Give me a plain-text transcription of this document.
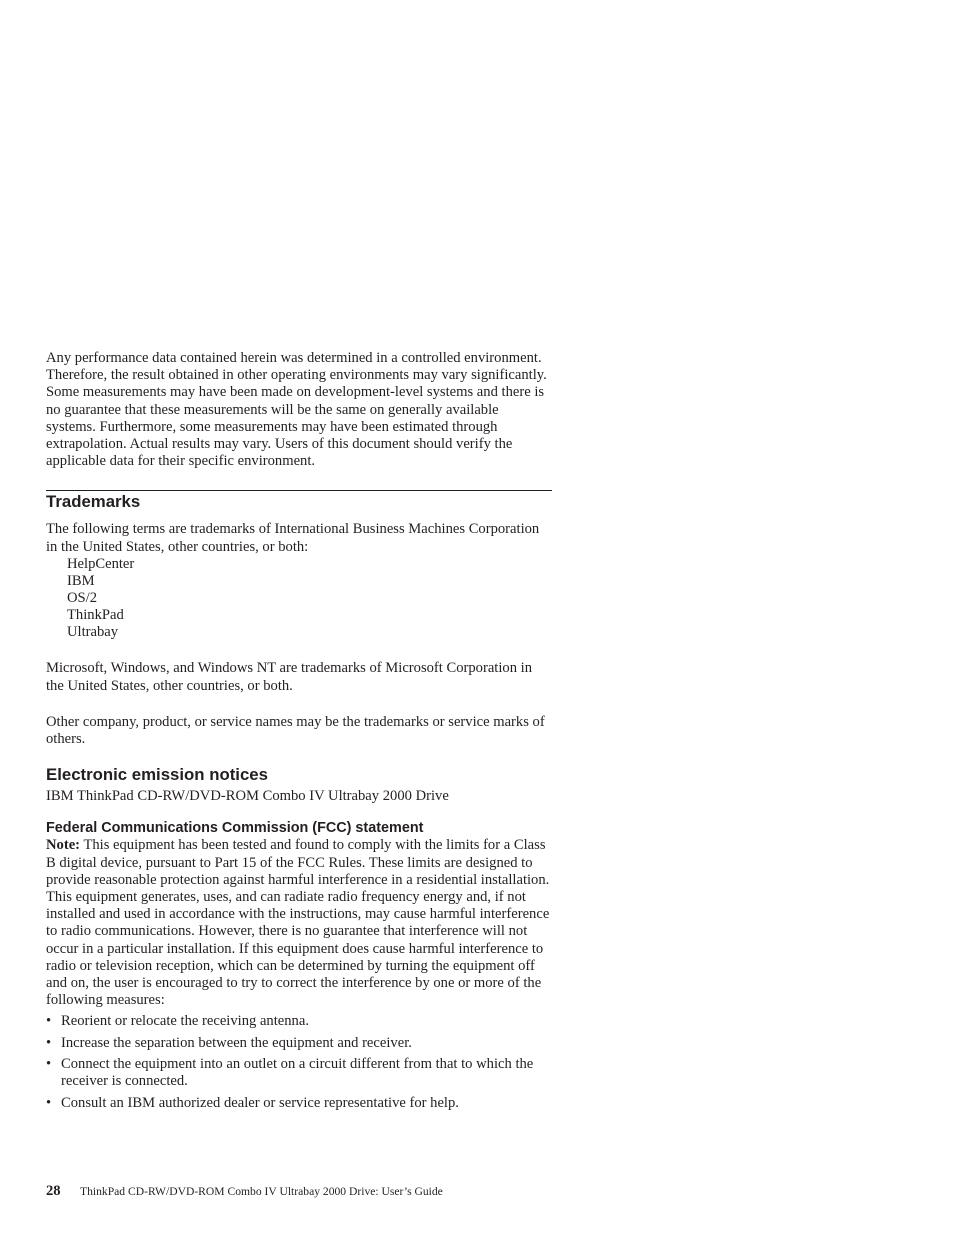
Any performance data contained herein was determined in a controlled environment. Therefore, the result obtained in other operating environments may vary significantly. Some measurements may have been made on development-level systems and there is no guarantee that these measurements will be the same on generally available systems. Furthermore, some measurements may have been estimated through extrapolation. Actual results may vary. Users of this document should verify the applicable data for their specific environment.

Trademarks

The following terms are trademarks of International Business Machines Corporation in the United States, other countries, or both:

HelpCenter
IBM
OS/2
ThinkPad
Ultrabay

Microsoft, Windows, and Windows NT are trademarks of Microsoft Corporation in the United States, other countries, or both.

Other company, product, or service names may be the trademarks or service marks of others.

Electronic emission notices

IBM ThinkPad CD-RW/DVD-ROM Combo IV Ultrabay 2000 Drive

Federal Communications Commission (FCC) statement

Note: This equipment has been tested and found to comply with the limits for a Class B digital device, pursuant to Part 15 of the FCC Rules. These limits are designed to provide reasonable protection against harmful interference in a residential installation. This equipment generates, uses, and can radiate radio frequency energy and, if not installed and used in accordance with the instructions, may cause harmful interference to radio communications. However, there is no guarantee that interference will not occur in a particular installation. If this equipment does cause harmful interference to radio or television reception, which can be determined by turning the equipment off and on, the user is encouraged to try to correct the interference by one or more of the following measures:

• Reorient or relocate the receiving antenna.
• Increase the separation between the equipment and receiver.
• Connect the equipment into an outlet on a circuit different from that to which the receiver is connected.
• Consult an IBM authorized dealer or service representative for help.
28 ThinkPad CD-RW/DVD-ROM Combo IV Ultrabay 2000 Drive: User’s Guide
